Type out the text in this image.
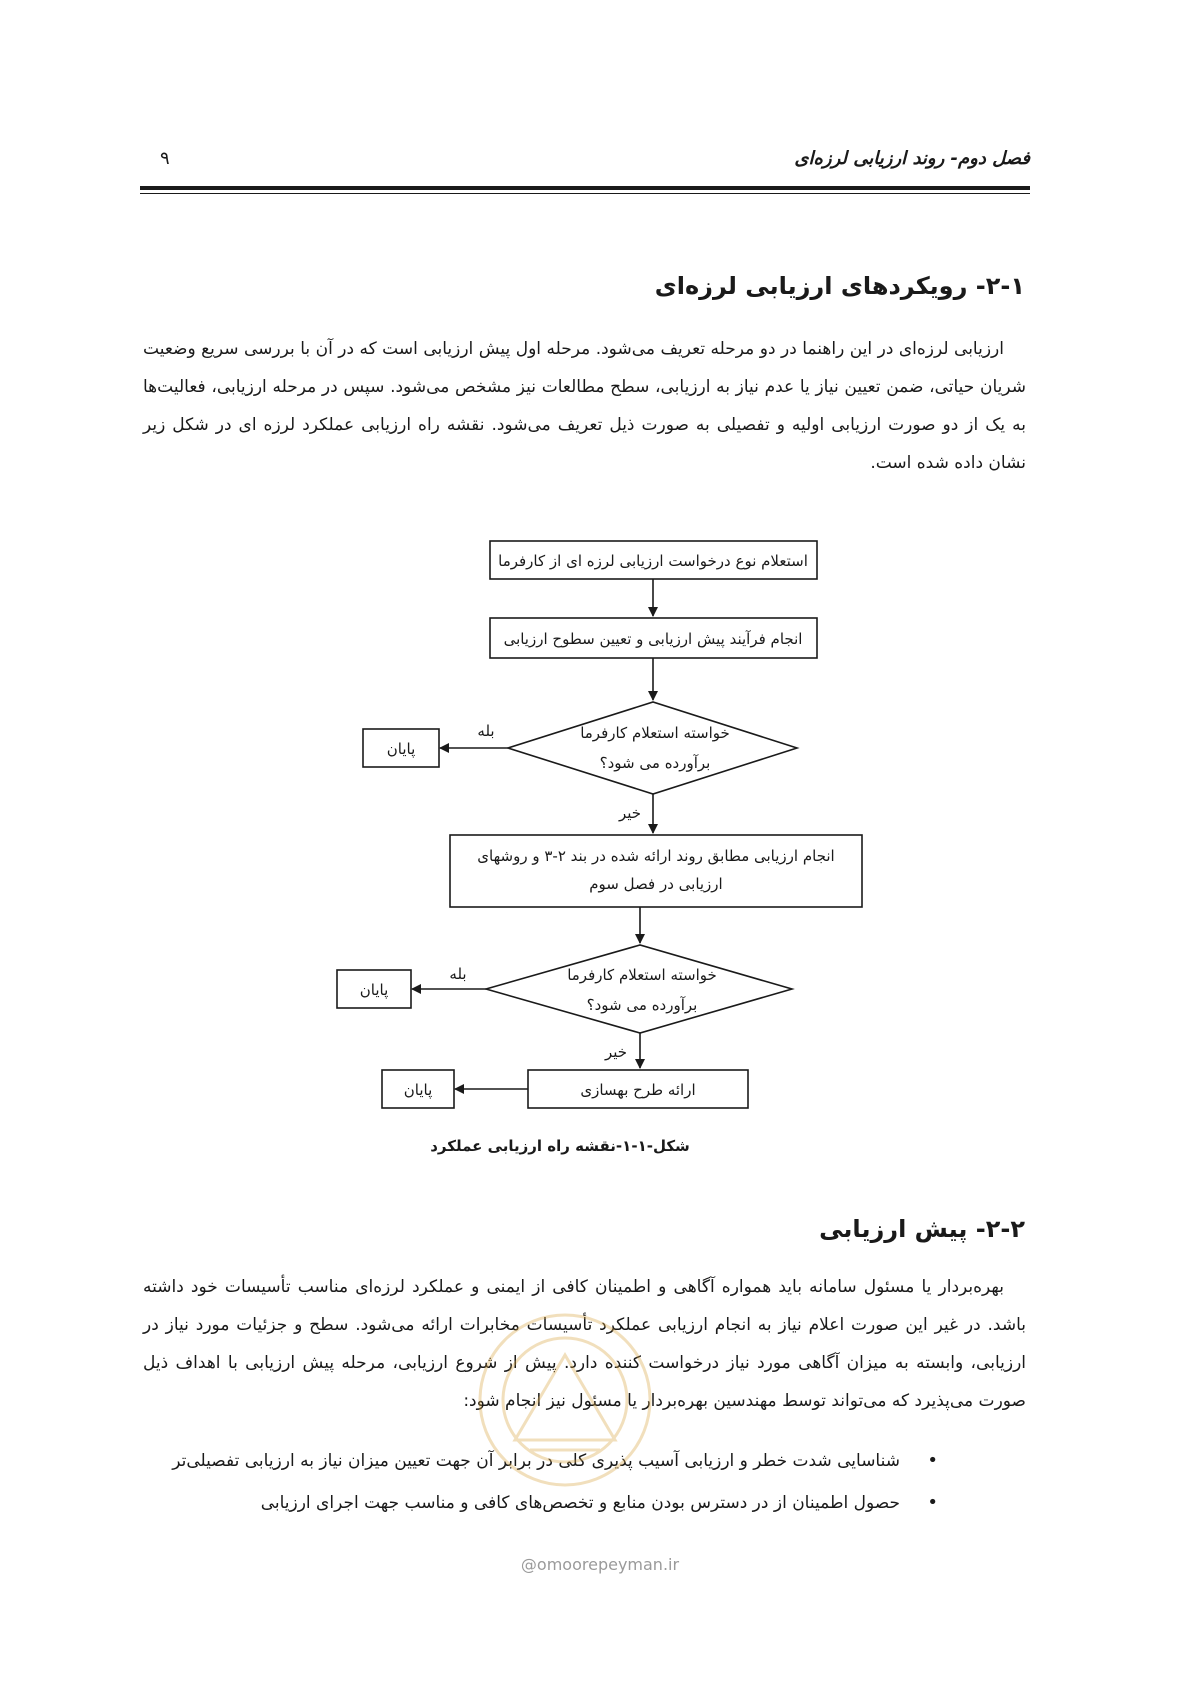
فصل دوم- روند ارزیابی لرزه‌ای
۹
۲-۱- رویکردهای ارزیابی لرزه‌ای

ارزیابی لرزه‌ای در این راهنما در دو مرحله تعریف می‌شود. مرحله اول پیش ارزیابی است که در آن با بررسی سریع وضعیت شریان حیاتی، ضمن تعیین نیاز یا عدم نیاز به ارزیابی، سطح مطالعات نیز مشخص می‌شود. سپس در مرحله ارزیابی، فعالیت‌ها به یک از دو صورت ارزیابی اولیه و تفصیلی به صورت ذیل تعریف می‌شود. نقشه راه ارزیابی عملکرد لرزه ای در شکل زیر نشان داده شده است.

استعلام نوع درخواست ارزیابی لرزه ای از کارفرما
انجام فرآیند پیش ارزیابی و تعیین سطوح ارزیابی
خواسته استعلام کارفرما
برآورده می شود؟
بله
پایان
خیر
انجام ارزیابی مطابق روند ارائه شده در بند ۲-۳ و روشهای
ارزیابی در فصل سوم
خواسته استعلام کارفرما
برآورده می شود؟
بله
پایان
خیر
ارائه طرح بهسازی
پایان
شکل-۱-۱-نقشه راه ارزیابی عملکرد
۲-۲- پیش ارزیابی

بهره‌بردار یا مسئول سامانه باید همواره آگاهی و اطمینان کافی از ایمنی و عملکرد لرزه‌ای مناسب تأسیسات خود داشته باشد. در غیر این صورت اعلام نیاز به انجام ارزیابی عملکرد تأسیسات مخابرات ارائه می‌شود. سطح و جزئیات مورد نیاز در ارزیابی، وابسته به میزان آگاهی مورد نیاز درخواست کننده دارد. پیش از شروع ارزیابی، مرحله پیش ارزیابی با اهداف ذیل صورت می‌پذیرد که می‌تواند توسط مهندسین بهره‌بردار یا مسئول نیز انجام شود:

• شناسایی شدت خطر و ارزیابی آسیب پذیری کلی در برابر آن جهت تعیین میزان نیاز به ارزیابی تفصیلی‌تر
• حصول اطمینان از در دسترس بودن منابع و تخصص‌های کافی و مناسب جهت اجرای ارزیابی
@omoorepeyman.ir
